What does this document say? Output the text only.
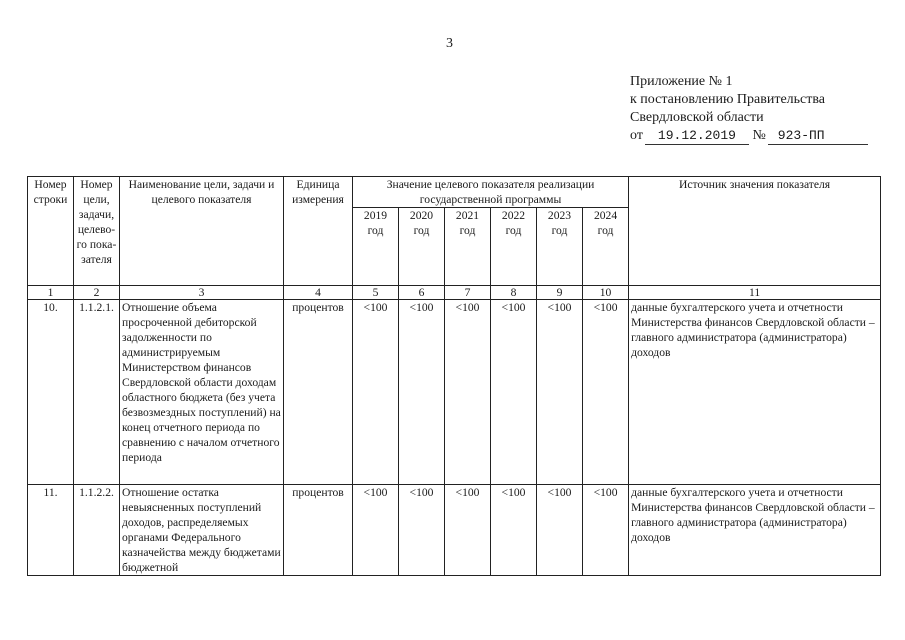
3
Приложение № 1
к постановлению Правительства
Свердловской области
от 19.12.2019 № 923-ПП
Номер строки	Номер цели, задачи, целево-го пока-зателя	Наименование цели, задачи и целевого показателя	Единица измерения	Значение целевого показателя реализации государственной программы						Источник значения показателя
				2019 год	2020 год	2021 год	2022 год	2023 год	2024 год	
1	2	3	4	5	6	7	8	9	10	11
10.	1.1.2.1.	Отношение объема просроченной дебиторской задолженности по администрируемым Министерством финансов Свердловской области доходам областного бюджета (без учета безвозмездных поступлений) на конец отчетного периода по сравнению с началом отчетного периода	процентов	<100	<100	<100	<100	<100	<100	данные бухгалтерского учета и отчетности Министерства финансов Свердловской области – главного администратора (администратора) доходов
11.	1.1.2.2.	Отношение остатка невыясненных поступлений доходов, распределяемых органами Федерального казначейства между бюджетами бюджетной	процентов	<100	<100	<100	<100	<100	<100	данные бухгалтерского учета и отчетности Министерства финансов Свердловской области – главного администратора (администратора) доходов
